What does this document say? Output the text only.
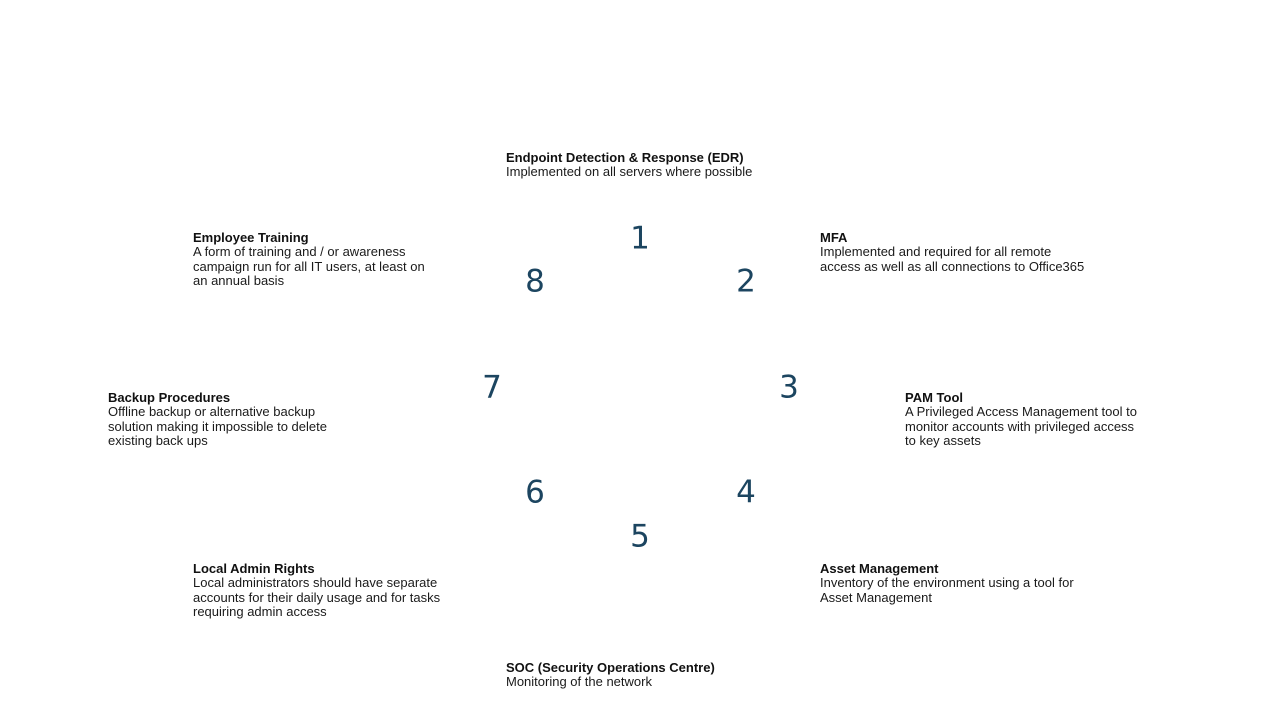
1
2
3
4
5
6
7
8
Endpoint Detection & Response (EDR)
Implemented on all servers where possible
MFA
Implemented and required for all remote
access as well as all connections to Office365
PAM Tool
A Privileged Access Management tool to
monitor accounts with privileged access
to key assets
Asset Management
Inventory of the environment using a tool for
Asset Management
SOC (Security Operations Centre)
Monitoring of the network
Local Admin Rights
Local administrators should have separate
accounts for their daily usage and for tasks
requiring admin access
Backup Procedures
Offline backup or alternative backup
solution making it impossible to delete
existing back ups
Employee Training
A form of training and / or awareness
campaign run for all IT users, at least on
an annual basis
